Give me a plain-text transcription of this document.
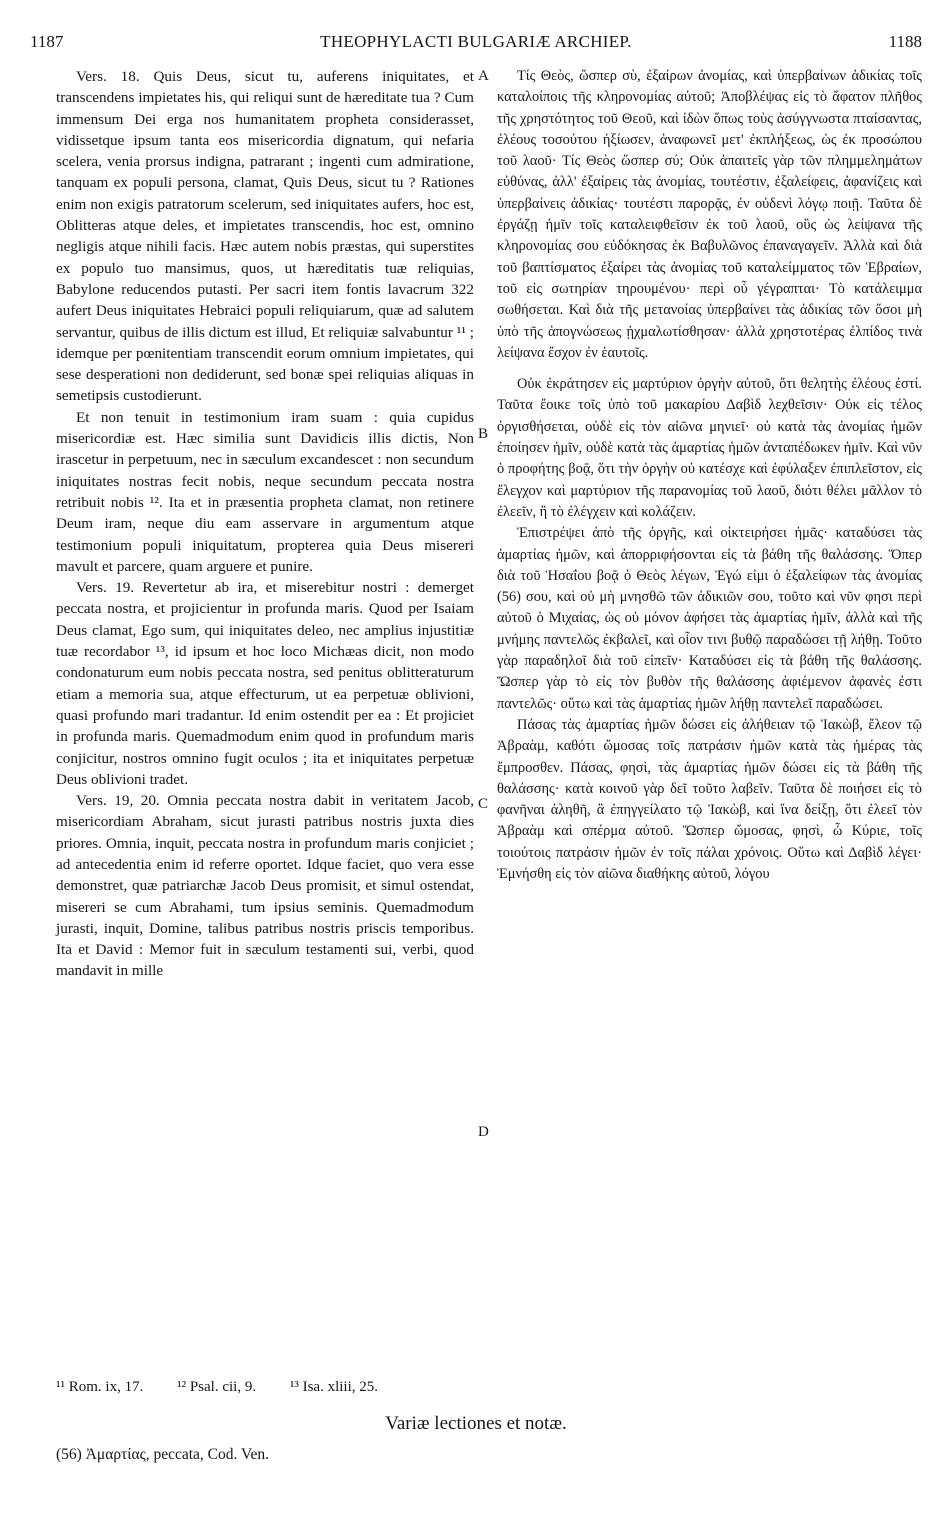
1187	THEOPHYLACTI BULGARIÆ ARCHIEP.	1188

Vers. 18. Quis Deus, sicut tu, auferens iniquitates, et transcendens impietates his, qui reliqui sunt de hæreditate tua ? Cum immensum Dei erga nos humanitatem propheta considerasset, vidissetque ipsum tanta eos misericordia dignatum, qui nefaria scelera, venia prorsus indigna, patrarant ; ingenti cum admiratione, tanquam ex populi persona, clamat, Quis Deus, sicut tu ? Rationes enim non exigis patratorum scelerum, sed iniquitates aufers, hoc est, Oblitteras atque deles, et impietates transcendis, hoc est, omnino negligis atque nihili facis. Hæc autem nobis præstas, qui superstites ex populo tuo mansimus, quos, ut hæreditatis tuæ reliquias, Babylone reducendos putasti. Per sacri item fontis lavacrum 322 aufert Deus iniquitates Hebraici populi reliquiarum, quæ ad salutem servantur, quibus de illis dictum est illud, Et reliquiæ salvabuntur ¹¹ ; idemque per pœnitentiam transcendit eorum omnium impietates, qui sese desperationi non dediderunt, sed bonæ spei reliquias aliquas in semetipsis custodierunt.

Et non tenuit in testimonium iram suam : quia cupidus misericordiæ est. Hæc similia sunt Davidicis illis dictis, Non irascetur in perpetuum, nec in sæculum excandescet : non secundum iniquitates nostras fecit nobis, neque secundum peccata nostra retribuit nobis ¹². Ita et in præsentia propheta clamat, non retinere Deum iram, neque diu eam asservare in argumentum atque testimonium populi iniquitatum, propterea quia Deus misereri mavult et parcere, quam arguere et punire.

Vers. 19. Revertetur ab ira, et miserebitur nostri : demerget peccata nostra, et projicientur in profunda maris. Quod per Isaiam Deus clamat, Ego sum, qui iniquitates deleo, nec amplius injustitiæ tuæ recordabor ¹³, id ipsum et hoc loco Michæas dicit, non modo condonaturum eum nobis peccata nostra, sed penitus oblitteraturum etiam a memoria sua, atque effecturum, ut ea perpetuæ oblivioni, quasi profundo mari tradantur. Id enim ostendit per ea : Et projiciet in profunda maris. Quemadmodum enim quod in profundum maris conjicitur, nostros omnino fugit oculos ; ita et iniquitates perpetuæ Deus oblivioni tradet.

Vers. 19, 20. Omnia peccata nostra dabit in veritatem Jacob, misericordiam Abraham, sicut jurasti patribus nostris juxta dies priores. Omnia, inquit, peccata nostra in profundum maris conjiciet ; ad antecedentia enim id referre oportet. Idque faciet, quo vera esse demonstret, quæ patriarchæ Jacob Deus promisit, et simul ostendat, misereri se cum Abrahami, tum ipsius seminis. Quemadmodum jurasti, inquit, Domine, talibus patribus nostris priscis temporibus. Ita et David : Memor fuit in sæculum testamenti sui, verbi, quod mandavit in mille

Τίς Θεὸς, ὥσπερ σὺ, ἐξαίρων ἀνομίας, καὶ ὑπερβαίνων ἀδικίας τοῖς καταλοίποις τῆς κληρονομίας αὐτοῦ; Ἀποβλέψας εἰς τὸ ἄφατον πλῆθος τῆς χρηστότητος τοῦ Θεοῦ, καὶ ἰδὼν ὅπως τοὺς ἀσύγγνωστα πταίσαντας, ἐλέους τοσούτου ἠξίωσεν, ἀναφωνεῖ μετ' ἐκπλήξεως, ὡς ἐκ προσώπου τοῦ λαοῦ· Τίς Θεὸς ὥσπερ σύ; Οὐκ ἀπαιτεῖς γὰρ τῶν πλημμελημάτων εὐθύνας, ἀλλ' ἐξαίρεις τὰς ἀνομίας, τουτέστιν, ἐξαλείφεις, ἀφανίζεις καὶ ὑπερβαίνεις ἀδικίας· τουτέστι παρορᾷς, ἐν οὐδενὶ λόγῳ ποιῇ. Ταῦτα δὲ ἐργάζῃ ἡμῖν τοῖς καταλειφθεῖσιν ἐκ τοῦ λαοῦ, οὓς ὡς λείψανα τῆς κληρονομίας σου εὐδόκησας ἐκ Βαβυλῶνος ἐπαναγαγεῖν. Ἀλλὰ καὶ διὰ τοῦ βαπτίσματος ἐξαίρει τὰς ἀνομίας τοῦ καταλείμματος τῶν Ἑβραίων, τοῦ εἰς σωτηρίαν τηρουμένου· περὶ οὗ γέγραπται· Τὸ κατάλειμμα σωθήσεται. Καὶ διὰ τῆς μετανοίας ὑπερβαίνει τὰς ἀδικίας τῶν ὅσοι μὴ ὑπὸ τῆς ἀπογνώσεως ᾐχμαλωτίσθησαν· ἀλλὰ χρηστοτέρας ἐλπίδος τινὰ λείψανα ἔσχον ἐν ἑαυτοῖς.

Οὐκ ἐκράτησεν εἰς μαρτύριον ὀργὴν αὐτοῦ, ὅτι θελητὴς ἐλέους ἐστί. Ταῦτα ἔοικε τοῖς ὑπὸ τοῦ μακαρίου Δαβὶδ λεχθεῖσιν· Οὐκ εἰς τέλος ὀργισθήσεται, οὐδὲ εἰς τὸν αἰῶνα μηνιεῖ· οὐ κατὰ τὰς ἀνομίας ἡμῶν ἐποίησεν ἡμῖν, οὐδὲ κατὰ τὰς ἁμαρτίας ἡμῶν ἀνταπέδωκεν ἡμῖν. Καὶ νῦν ὁ προφήτης βοᾷ, ὅτι τὴν ὀργὴν οὐ κατέσχε καὶ ἐφύλαξεν ἐπιπλεῖστον, εἰς ἔλεγχον καὶ μαρτύριον τῆς παρανομίας τοῦ λαοῦ, διότι θέλει μᾶλλον τὸ ἐλεεῖν, ἢ τὸ ἐλέγχειν καὶ κολάζειν.

Ἐπιστρέψει ἀπὸ τῆς ὀργῆς, καὶ οἰκτειρήσει ἡμᾶς· καταδύσει τὰς ἀμαρτίας ἡμῶν, καὶ ἀπορριφήσονται εἰς τὰ βάθη τῆς θαλάσσης. Ὅπερ διὰ τοῦ Ἡσαΐου βοᾷ ὁ Θεὸς λέγων, Ἐγώ εἰμι ὁ ἐξαλείφων τὰς ἀνομίας (56) σου, καὶ οὐ μὴ μνησθῶ τῶν ἀδικιῶν σου, τοῦτο καὶ νῦν φησι περὶ αὐτοῦ ὁ Μιχαίας, ὡς οὐ μόνον ἀφήσει τὰς ἁμαρτίας ἡμῖν, ἀλλὰ καὶ τῆς μνήμης παντελῶς ἐκβαλεῖ, καὶ οἷον τινι βυθῷ παραδώσει τῇ λήθῃ. Τοῦτο γὰρ παραδηλοῖ διὰ τοῦ εἰπεῖν· Καταδύσει εἰς τὰ βάθη τῆς θαλάσσης. Ὥσπερ γὰρ τὸ εἰς τὸν βυθὸν τῆς θαλάσσης ἀφιέμενον ἀφανὲς ἐστι παντελῶς· οὕτω καὶ τὰς ἁμαρτίας ἡμῶν λήθῃ παντελεῖ παραδώσει.

Πάσας τὰς ἁμαρτίας ἡμῶν δώσει εἰς ἀλήθειαν τῷ Ἰακὼβ, ἔλεον τῷ Ἀβραὰμ, καθότι ὤμοσας τοῖς πατράσιν ἡμῶν κατὰ τὰς ἡμέρας τὰς ἔμπροσθεν. Πάσας, φησὶ, τὰς ἁμαρτίας ἡμῶν δώσει εἰς τὰ βάθη τῆς θαλάσσης· κατὰ κοινοῦ γὰρ δεῖ τοῦτο λαβεῖν. Ταῦτα δὲ ποιήσει εἰς τὸ φανῆναι ἀληθῆ, ἃ ἐπηγγείλατο τῷ Ἰακὼβ, καὶ ἵνα δείξῃ, ὅτι ἐλεεῖ τὸν Ἀβραὰμ καὶ σπέρμα αὐτοῦ. Ὥσπερ ὤμοσας, φησὶ, ὦ Κύριε, τοῖς τοιούτοις πατράσιν ἡμῶν ἐν τοῖς πάλαι χρόνοις. Οὕτω καὶ Δαβὶδ λέγει· Ἐμνήσθη εἰς τὸν αἰῶνα διαθήκης αὐτοῦ, λόγου

A
B
C
D
¹¹ Rom. ix, 17. ¹² Psal. cii, 9. ¹³ Isa. xliii, 25.
Variæ lectiones et notæ.
(56) Ἀμαρτίας, peccata, Cod. Ven.
